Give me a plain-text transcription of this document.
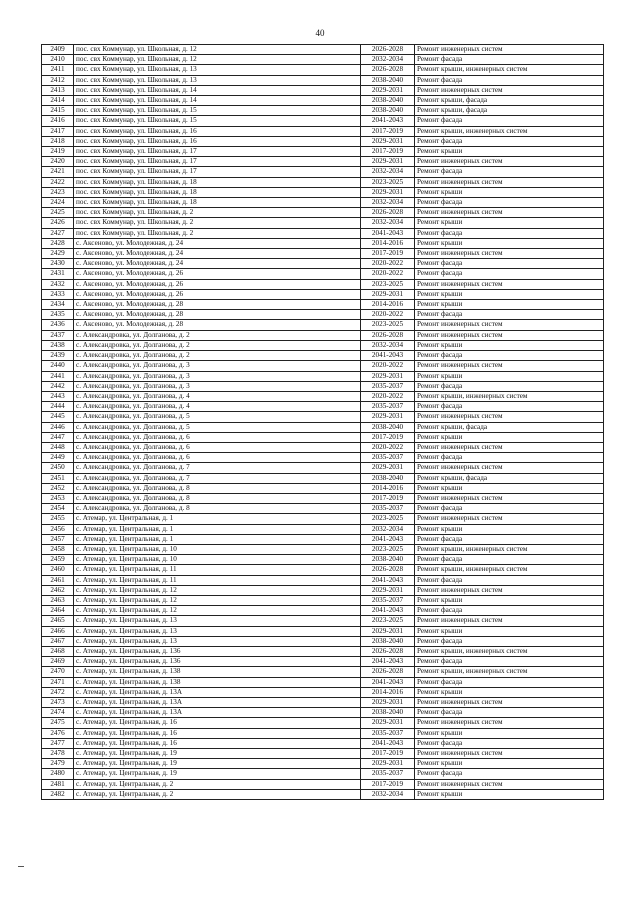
40
2409	пос. свх Коммунар, ул. Школьная, д. 12	2026-2028	Ремонт инженерных систем
2410	пос. свх Коммунар, ул. Школьная, д. 12	2032-2034	Ремонт фасада
2411	пос. свх Коммунар, ул. Школьная, д. 13	2026-2028	Ремонт крыши, инженерных систем
2412	пос. свх Коммунар, ул. Школьная, д. 13	2038-2040	Ремонт фасада
2413	пос. свх Коммунар, ул. Школьная, д. 14	2029-2031	Ремонт инженерных систем
2414	пос. свх Коммунар, ул. Школьная, д. 14	2038-2040	Ремонт крыши, фасада
2415	пос. свх Коммунар, ул. Школьная, д. 15	2038-2040	Ремонт крыши, фасада
2416	пос. свх Коммунар, ул. Школьная, д. 15	2041-2043	Ремонт фасада
2417	пос. свх Коммунар, ул. Школьная, д. 16	2017-2019	Ремонт крыши, инженерных систем
2418	пос. свх Коммунар, ул. Школьная, д. 16	2029-2031	Ремонт фасада
2419	пос. свх Коммунар, ул. Школьная, д. 17	2017-2019	Ремонт крыши
2420	пос. свх Коммунар, ул. Школьная, д. 17	2029-2031	Ремонт инженерных систем
2421	пос. свх Коммунар, ул. Школьная, д. 17	2032-2034	Ремонт фасада
2422	пос. свх Коммунар, ул. Школьная, д. 18	2023-2025	Ремонт инженерных систем
2423	пос. свх Коммунар, ул. Школьная, д. 18	2029-2031	Ремонт крыши
2424	пос. свх Коммунар, ул. Школьная, д. 18	2032-2034	Ремонт фасада
2425	пос. свх Коммунар, ул. Школьная, д. 2	2026-2028	Ремонт инженерных систем
2426	пос. свх Коммунар, ул. Школьная, д. 2	2032-2034	Ремонт крыши
2427	пос. свх Коммунар, ул. Школьная, д. 2	2041-2043	Ремонт фасада
2428	с. Аксеново, ул. Молодежная, д. 24	2014-2016	Ремонт крыши
2429	с. Аксеново, ул. Молодежная, д. 24	2017-2019	Ремонт инженерных систем
2430	с. Аксеново, ул. Молодежная, д. 24	2020-2022	Ремонт фасада
2431	с. Аксеново, ул. Молодежная, д. 26	2020-2022	Ремонт фасада
2432	с. Аксеново, ул. Молодежная, д. 26	2023-2025	Ремонт инженерных систем
2433	с. Аксеново, ул. Молодежная, д. 26	2029-2031	Ремонт крыши
2434	с. Аксеново, ул. Молодежная, д. 28	2014-2016	Ремонт крыши
2435	с. Аксеново, ул. Молодежная, д. 28	2020-2022	Ремонт фасада
2436	с. Аксеново, ул. Молодежная, д. 28	2023-2025	Ремонт инженерных систем
2437	с. Александровка, ул. Долганова, д. 2	2026-2028	Ремонт инженерных систем
2438	с. Александровка, ул. Долганова, д. 2	2032-2034	Ремонт крыши
2439	с. Александровка, ул. Долганова, д. 2	2041-2043	Ремонт фасада
2440	с. Александровка, ул. Долганова, д. 3	2020-2022	Ремонт инженерных систем
2441	с. Александровка, ул. Долганова, д. 3	2029-2031	Ремонт крыши
2442	с. Александровка, ул. Долганова, д. 3	2035-2037	Ремонт фасада
2443	с. Александровка, ул. Долганова, д. 4	2020-2022	Ремонт крыши, инженерных систем
2444	с. Александровка, ул. Долганова, д. 4	2035-2037	Ремонт фасада
2445	с. Александровка, ул. Долганова, д. 5	2029-2031	Ремонт инженерных систем
2446	с. Александровка, ул. Долганова, д. 5	2038-2040	Ремонт крыши, фасада
2447	с. Александровка, ул. Долганова, д. 6	2017-2019	Ремонт крыши
2448	с. Александровка, ул. Долганова, д. 6	2020-2022	Ремонт инженерных систем
2449	с. Александровка, ул. Долганова, д. 6	2035-2037	Ремонт фасада
2450	с. Александровка, ул. Долганова, д. 7	2029-2031	Ремонт инженерных систем
2451	с. Александровка, ул. Долганова, д. 7	2038-2040	Ремонт крыши, фасада
2452	с. Александровка, ул. Долганова, д. 8	2014-2016	Ремонт крыши
2453	с. Александровка, ул. Долганова, д. 8	2017-2019	Ремонт инженерных систем
2454	с. Александровка, ул. Долганова, д. 8	2035-2037	Ремонт фасада
2455	с. Атемар, ул. Центральная, д. 1	2023-2025	Ремонт инженерных систем
2456	с. Атемар, ул. Центральная, д. 1	2032-2034	Ремонт крыши
2457	с. Атемар, ул. Центральная, д. 1	2041-2043	Ремонт фасада
2458	с. Атемар, ул. Центральная, д. 10	2023-2025	Ремонт крыши, инженерных систем
2459	с. Атемар, ул. Центральная, д. 10	2038-2040	Ремонт фасада
2460	с. Атемар, ул. Центральная, д. 11	2026-2028	Ремонт крыши, инженерных систем
2461	с. Атемар, ул. Центральная, д. 11	2041-2043	Ремонт фасада
2462	с. Атемар, ул. Центральная, д. 12	2029-2031	Ремонт инженерных систем
2463	с. Атемар, ул. Центральная, д. 12	2035-2037	Ремонт крыши
2464	с. Атемар, ул. Центральная, д. 12	2041-2043	Ремонт фасада
2465	с. Атемар, ул. Центральная, д. 13	2023-2025	Ремонт инженерных систем
2466	с. Атемар, ул. Центральная, д. 13	2029-2031	Ремонт крыши
2467	с. Атемар, ул. Центральная, д. 13	2038-2040	Ремонт фасада
2468	с. Атемар, ул. Центральная, д. 136	2026-2028	Ремонт крыши, инженерных систем
2469	с. Атемар, ул. Центральная, д. 136	2041-2043	Ремонт фасада
2470	с. Атемар, ул. Центральная, д. 138	2026-2028	Ремонт крыши, инженерных систем
2471	с. Атемар, ул. Центральная, д. 138	2041-2043	Ремонт фасада
2472	с. Атемар, ул. Центральная, д. 13А	2014-2016	Ремонт крыши
2473	с. Атемар, ул. Центральная, д. 13А	2029-2031	Ремонт инженерных систем
2474	с. Атемар, ул. Центральная, д. 13А	2038-2040	Ремонт фасада
2475	с. Атемар, ул. Центральная, д. 16	2029-2031	Ремонт инженерных систем
2476	с. Атемар, ул. Центральная, д. 16	2035-2037	Ремонт крыши
2477	с. Атемар, ул. Центральная, д. 16	2041-2043	Ремонт фасада
2478	с. Атемар, ул. Центральная, д. 19	2017-2019	Ремонт инженерных систем
2479	с. Атемар, ул. Центральная, д. 19	2029-2031	Ремонт крыши
2480	с. Атемар, ул. Центральная, д. 19	2035-2037	Ремонт фасада
2481	с. Атемар, ул. Центральная, д. 2	2017-2019	Ремонт инженерных систем
2482	с. Атемар, ул. Центральная, д. 2	2032-2034	Ремонт крыши
